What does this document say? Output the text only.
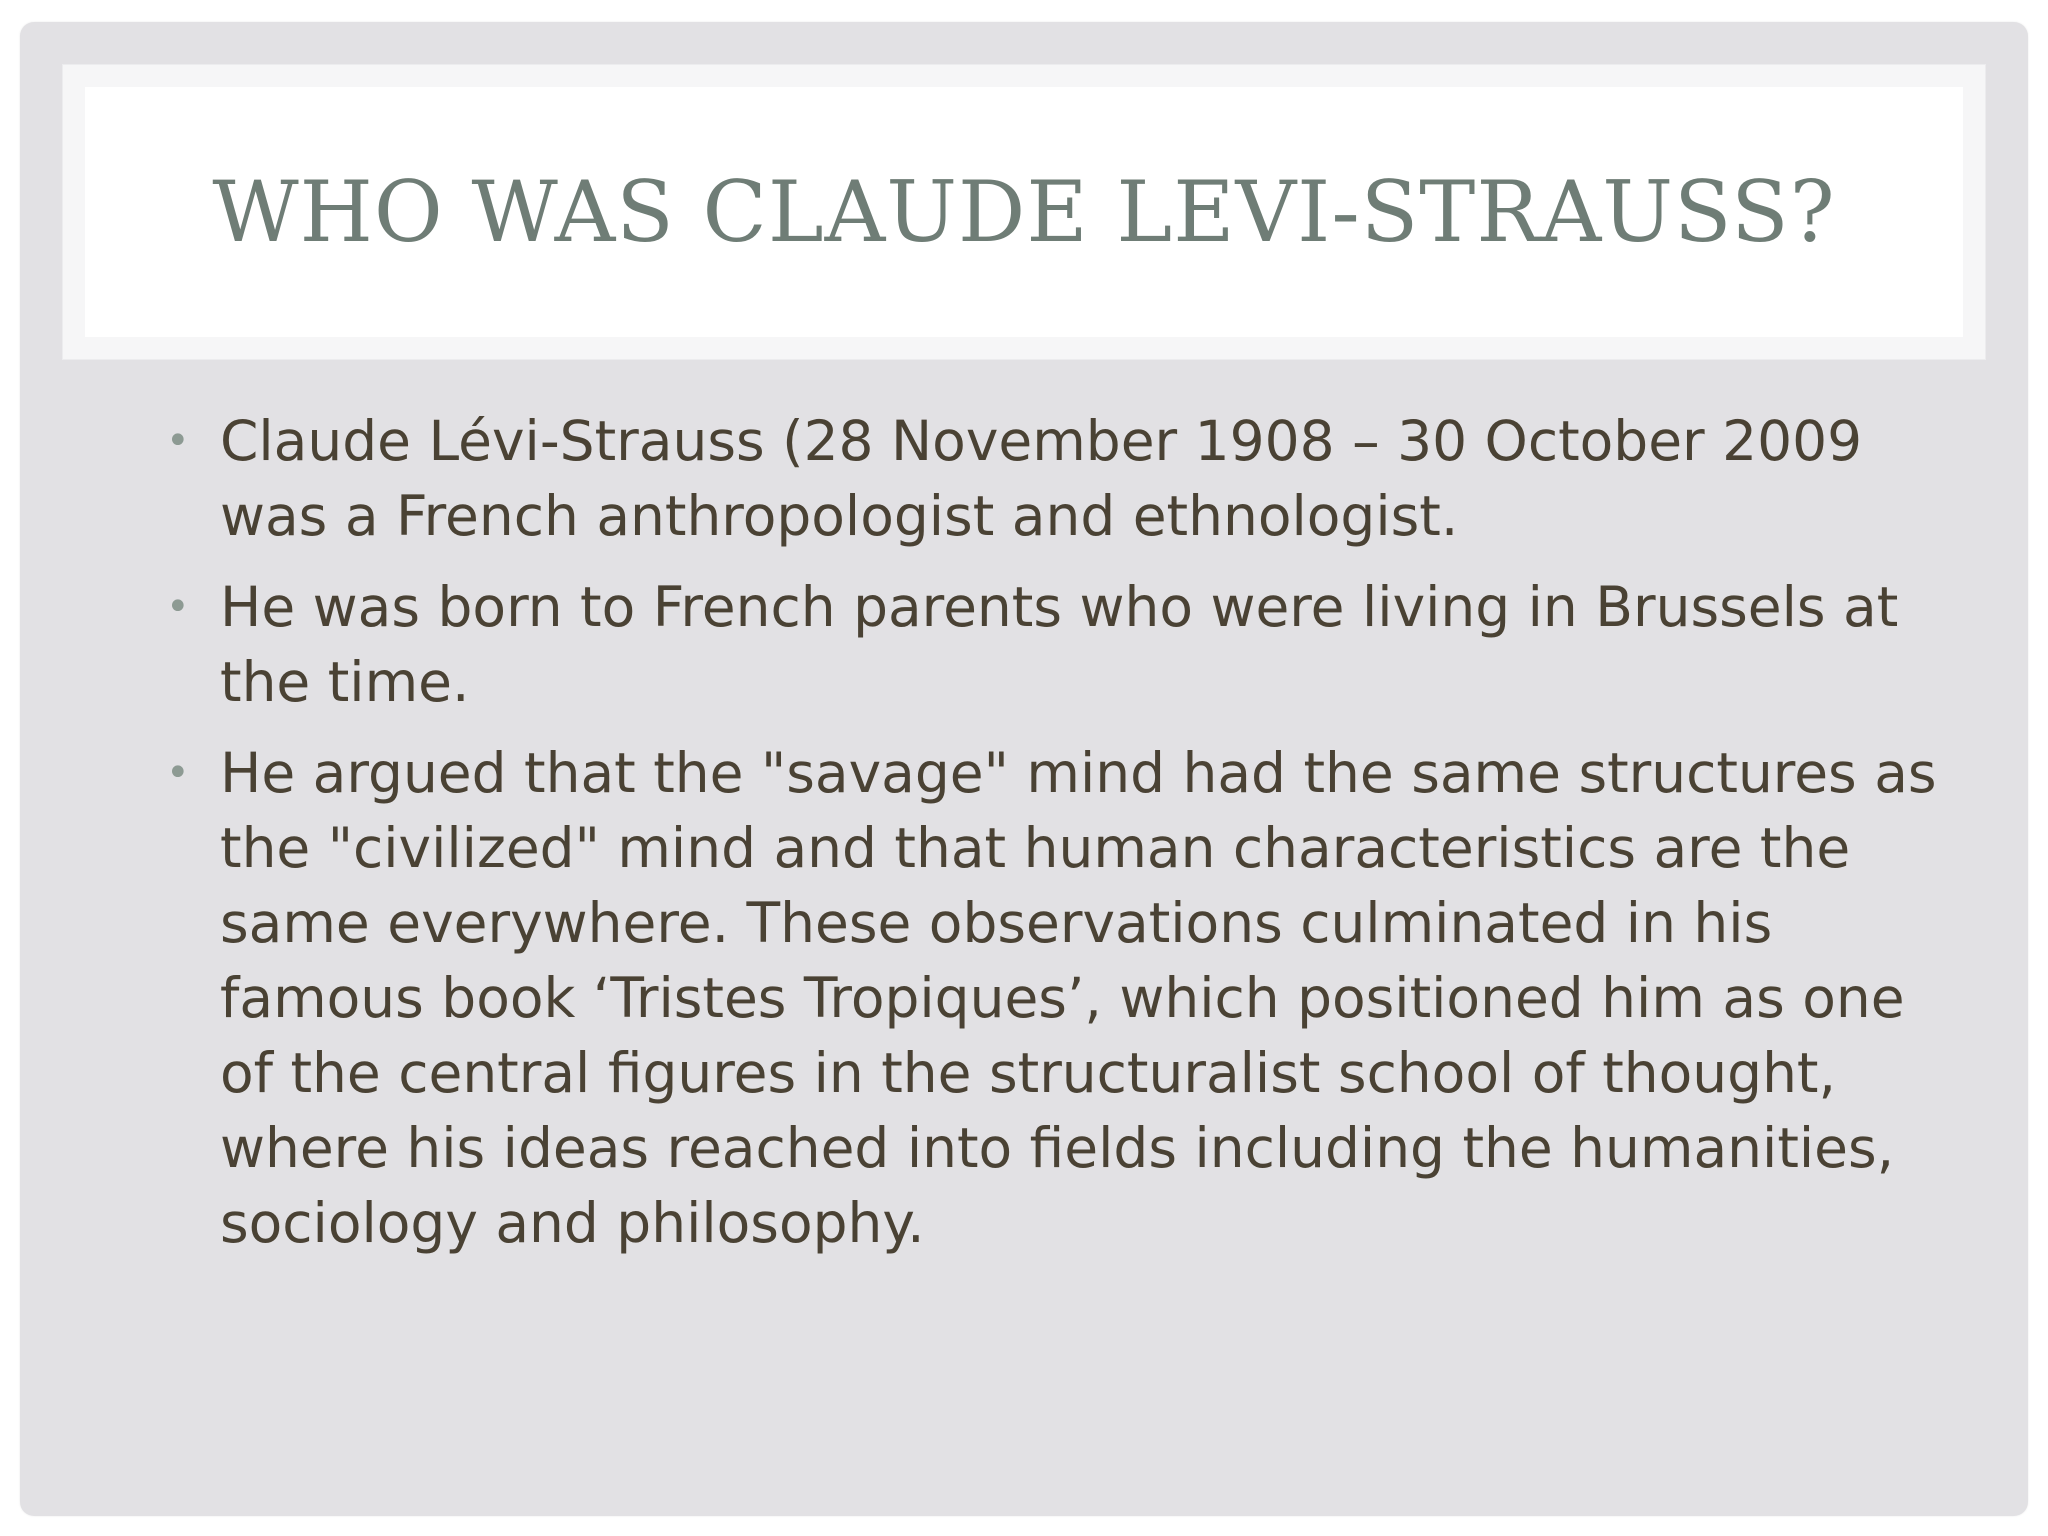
WHO WAS CLAUDE LEVI-STRAUSS?
• Claude Lévi-Strauss (28 November 1908 – 30 October 2009 was a French anthropologist and ethnologist.
• He was born to French parents who were living in Brussels at the time.
• He argued that the "savage" mind had the same structures as the "civilized" mind and that human characteristics are the same everywhere. These observations culminated in his famous book ‘Tristes Tropiques’, which positioned him as one of the central figures in the structuralist school of thought, where his ideas reached into fields including the humanities, sociology and philosophy.
